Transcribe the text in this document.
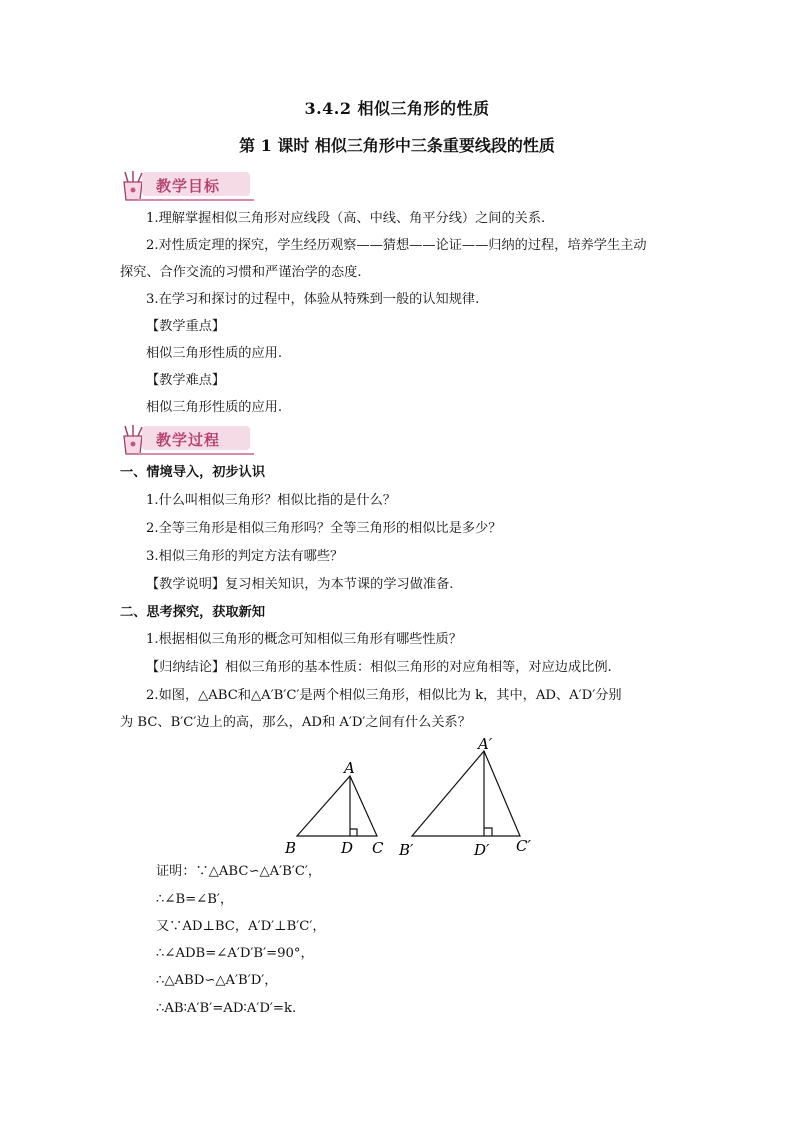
3.4.2 相似三角形的性质
第 1 课时 相似三角形中三条重要线段的性质
教学目标
1.理解掌握相似三角形对应线段（高、中线、角平分线）之间的关系.
2.对性质定理的探究，学生经历观察——猜想——论证——归纳的过程，培养学生主动
探究、合作交流的习惯和严谨治学的态度.
3.在学习和探讨的过程中，体验从特殊到一般的认知规律.
【教学重点】
相似三角形性质的应用.
【教学难点】
相似三角形性质的应用.
教学过程
一、情境导入，初步认识
1.什么叫相似三角形？相似比指的是什么？
2.全等三角形是相似三角形吗？全等三角形的相似比是多少？
3.相似三角形的判定方法有哪些？
【教学说明】复习相关知识，为本节课的学习做准备.
二、思考探究，获取新知
1.根据相似三角形的概念可知相似三角形有哪些性质？
【归纳结论】相似三角形的基本性质：相似三角形的对应角相等，对应边成比例.
2.如图，△ABC和△A′B′C′是两个相似三角形，相似比为 k，其中，AD、A′D′分别
为 BC、B′C′边上的高，那么，AD和 A′D′之间有什么关系？
A
B	D C
A′
B′	D′ C′
证明：∵△ABC∽△A′B′C′，
∴∠B=∠B′，
又∵AD⊥BC，A′D′⊥B′C′，
∴∠ADB=∠A′D′B′=90°，
∴△ABD∽△A′B′D′，
∴AB∶A′B′=AD∶A′D′=k.
